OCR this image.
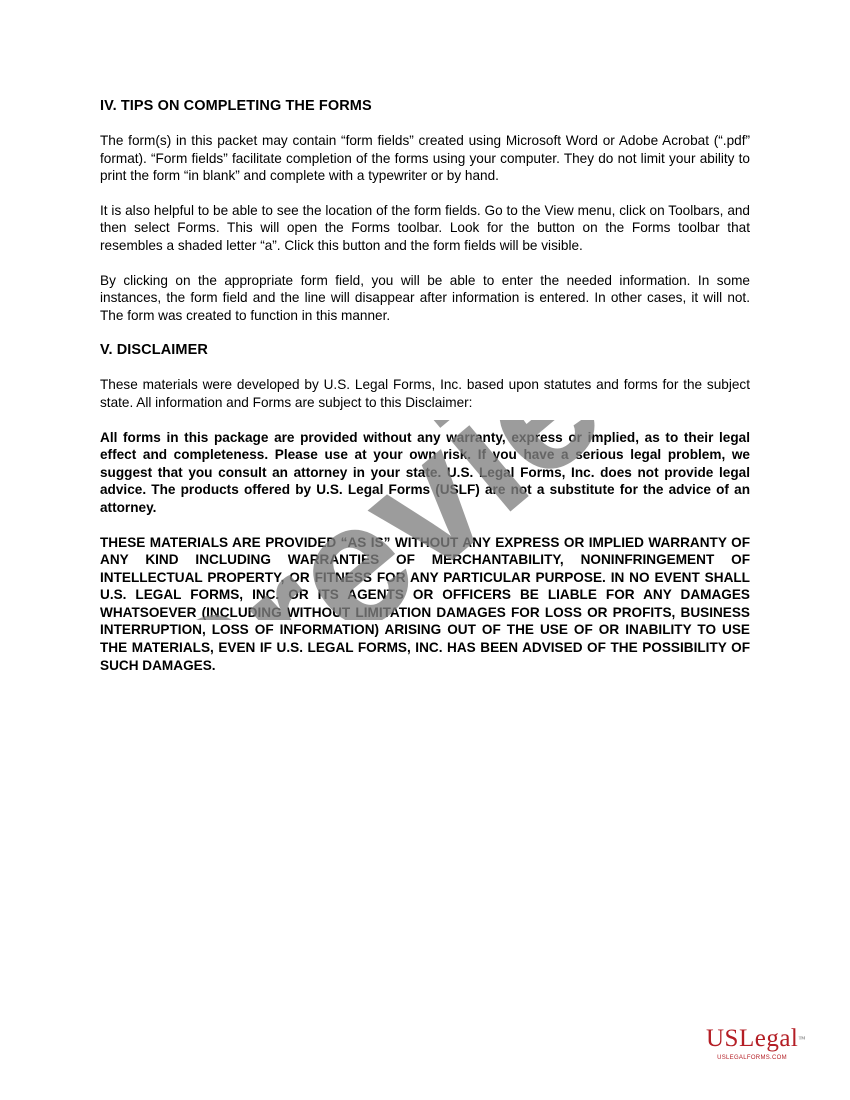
IV. TIPS ON COMPLETING THE FORMS
The form(s) in this packet may contain “form fields” created using Microsoft Word or Adobe Acrobat (“.pdf” format). “Form fields” facilitate completion of the forms using your computer. They do not limit your ability to print the form “in blank” and complete with a typewriter or by hand.
It is also helpful to be able to see the location of the form fields. Go to the View menu, click on Toolbars, and then select Forms. This will open the Forms toolbar. Look for the button on the Forms toolbar that resembles a shaded letter “a”. Click this button and the form fields will be visible.
By clicking on the appropriate form field, you will be able to enter the needed information. In some instances, the form field and the line will disappear after information is entered. In other cases, it will not. The form was created to function in this manner.
V. DISCLAIMER
These materials were developed by U.S. Legal Forms, Inc. based upon statutes and forms for the subject state. All information and Forms are subject to this Disclaimer:
All forms in this package are provided without any warranty, express or implied, as to their legal effect and completeness. Please use at your own risk. If you have a serious legal problem, we suggest that you consult an attorney in your state. U.S. Legal Forms, Inc. does not provide legal advice. The products offered by U.S. Legal Forms (USLF) are not a substitute for the advice of an attorney.
THESE MATERIALS ARE PROVIDED “AS IS” WITHOUT ANY EXPRESS OR IMPLIED WARRANTY OF ANY KIND INCLUDING WARRANTIES OF MERCHANTABILITY, NONINFRINGEMENT OF INTELLECTUAL PROPERTY, OR FITNESS FOR ANY PARTICULAR PURPOSE. IN NO EVENT SHALL U.S. LEGAL FORMS, INC. OR ITS AGENTS OR OFFICERS BE LIABLE FOR ANY DAMAGES WHATSOEVER (INCLUDING WITHOUT LIMITATION DAMAGES FOR LOSS OR PROFITS, BUSINESS INTERRUPTION, LOSS OF INFORMATION) ARISING OUT OF THE USE OF OR INABILITY TO USE THE MATERIALS, EVEN IF U.S. LEGAL FORMS, INC. HAS BEEN ADVISED OF THE POSSIBILITY OF SUCH DAMAGES.
USLegal™
USLEGALFORMS.COM
